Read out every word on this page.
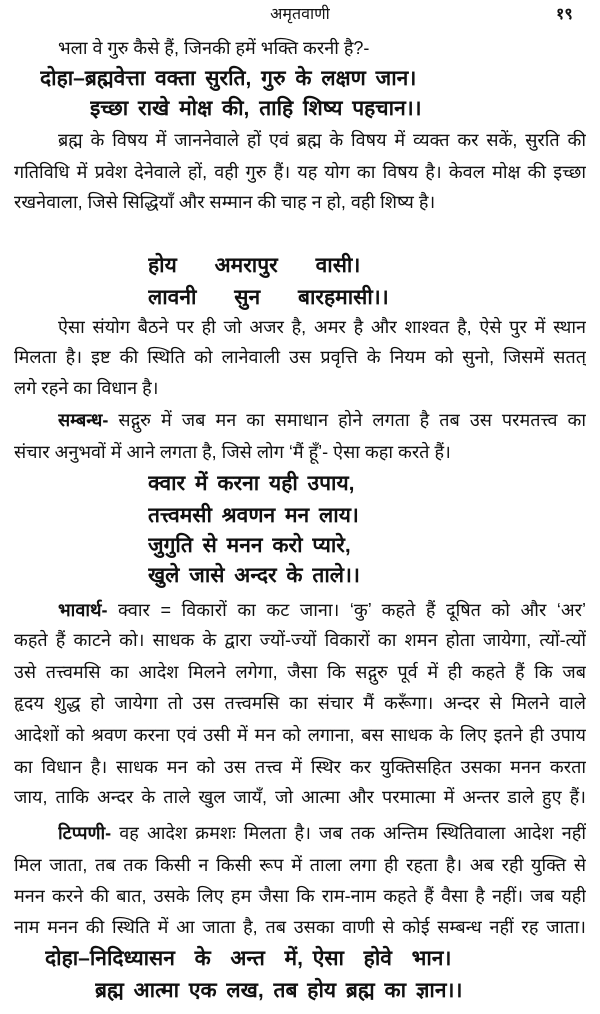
अमृतवाणी	१९
भला वे गुरु कैसे हैं, जिनकी हमें भक्ति करनी है?-
दोहा–ब्रह्मवेत्ता वक्ता सुरति, गुरु के लक्षण जान।
इच्छा राखे मोक्ष की, ताहि शिष्य पहचान।।
ब्रह्म के विषय में जाननेवाले हों एवं ब्रह्म के विषय में व्यक्त कर सकें, सुरति की
गतिविधि में प्रवेश देनेवाले हों, वही गुरु हैं। यह योग का विषय है। केवल मोक्ष की इच्छा
रखनेवाला, जिसे सिद्धियाँ और सम्मान की चाह न हो, वही शिष्य है।
होय अमरापुर वासी।
लावनी सुन बारहमासी।।
ऐसा संयोग बैठने पर ही जो अजर है, अमर है और शाश्वत है, ऐसे पुर में स्थान
मिलता है। इष्ट की स्थिति को लानेवाली उस प्रवृत्ति के नियम को सुनो, जिसमें सतत्
लगे रहने का विधान है।
सम्बन्ध- सद्गुरु में जब मन का समाधान होने लगता है तब उस परमतत्त्व का
संचार अनुभवों में आने लगता है, जिसे लोग ‘मैं हूँ’- ऐसा कहा करते हैं।
क्वार में करना यही उपाय,
तत्त्वमसी श्रवणन मन लाय।
जुगुति से मनन करो प्यारे,
खुले जासे अन्दर के ताले।।
भावार्थ- क्वार = विकारों का कट जाना। ‘कु’ कहते हैं दूषित को और ‘अर’
कहते हैं काटने को। साधक के द्वारा ज्यों-ज्यों विकारों का शमन होता जायेगा, त्यों-त्यों
उसे तत्त्वमसि का आदेश मिलने लगेगा, जैसा कि सद्गुरु पूर्व में ही कहते हैं कि जब
हृदय शुद्ध हो जायेगा तो उस तत्त्वमसि का संचार मैं करूँगा। अन्दर से मिलने वाले
आदेशों को श्रवण करना एवं उसी में मन को लगाना, बस साधक के लिए इतने ही उपाय
का विधान है। साधक मन को उस तत्त्व में स्थिर कर युक्तिसहित उसका मनन करता
जाय, ताकि अन्दर के ताले खुल जायँ, जो आत्मा और परमात्मा में अन्तर डाले हुए हैं।
टिप्पणी- वह आदेश क्रमशः मिलता है। जब तक अन्तिम स्थितिवाला आदेश नहीं
मिल जाता, तब तक किसी न किसी रूप में ताला लगा ही रहता है। अब रही युक्ति से
मनन करने की बात, उसके लिए हम जैसा कि राम-नाम कहते हैं वैसा है नहीं। जब यही
नाम मनन की स्थिति में आ जाता है, तब उसका वाणी से कोई सम्बन्ध नहीं रह जाता।
दोहा–निदिध्यासन  के  अन्त  में, ऐसा  होवे  भान।
ब्रह्म आत्मा एक लख, तब होय ब्रह्म का ज्ञान।।
